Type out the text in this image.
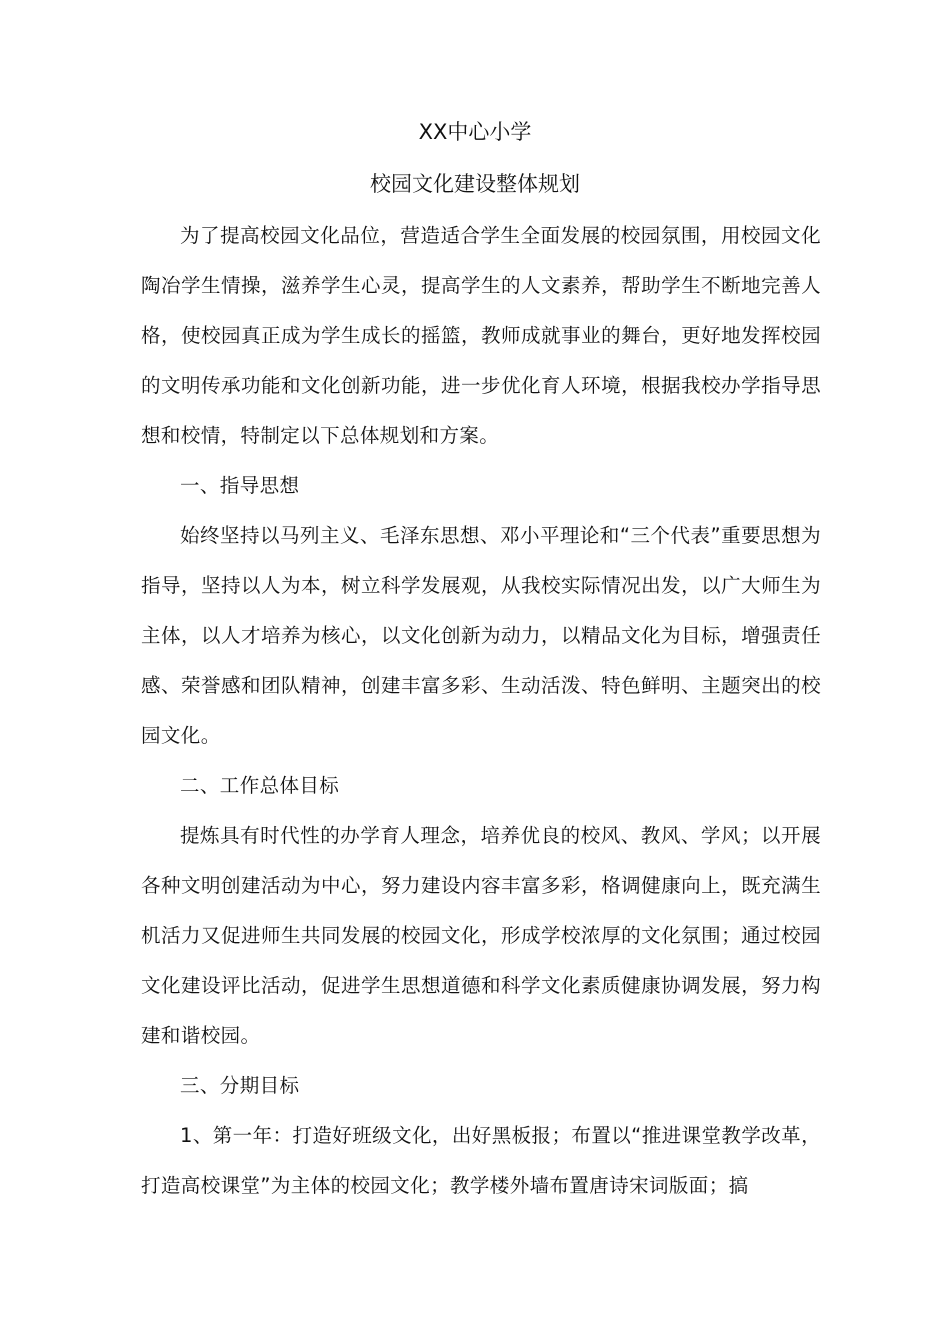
XX中心小学
校园文化建设整体规划

为了提高校园文化品位，营造适合学生全面发展的校园氛围，用校园文化陶冶学生情操，滋养学生心灵，提高学生的人文素养，帮助学生不断地完善人格，使校园真正成为学生成长的摇篮，教师成就事业的舞台，更好地发挥校园的文明传承功能和文化创新功能，进一步优化育人环境，根据我校办学指导思想和校情，特制定以下总体规划和方案。

一、指导思想

始终坚持以马列主义、毛泽东思想、邓小平理论和“三个代表”重要思想为指导，坚持以人为本，树立科学发展观，从我校实际情况出发，以广大师生为主体，以人才培养为核心，以文化创新为动力，以精品文化为目标，增强责任感、荣誉感和团队精神，创建丰富多彩、生动活泼、特色鲜明、主题突出的校园文化。

二、工作总体目标

提炼具有时代性的办学育人理念，培养优良的校风、教风、学风；以开展各种文明创建活动为中心，努力建设内容丰富多彩，格调健康向上，既充满生机活力又促进师生共同发展的校园文化，形成学校浓厚的文化氛围；通过校园文化建设评比活动，促进学生思想道德和科学文化素质健康协调发展，努力构建和谐校园。

三、分期目标

1、第一年：打造好班级文化，出好黑板报；布置以“推进课堂教学改革，打造高校课堂”为主体的校园文化；教学楼外墙布置唐诗宋词版面；搞
